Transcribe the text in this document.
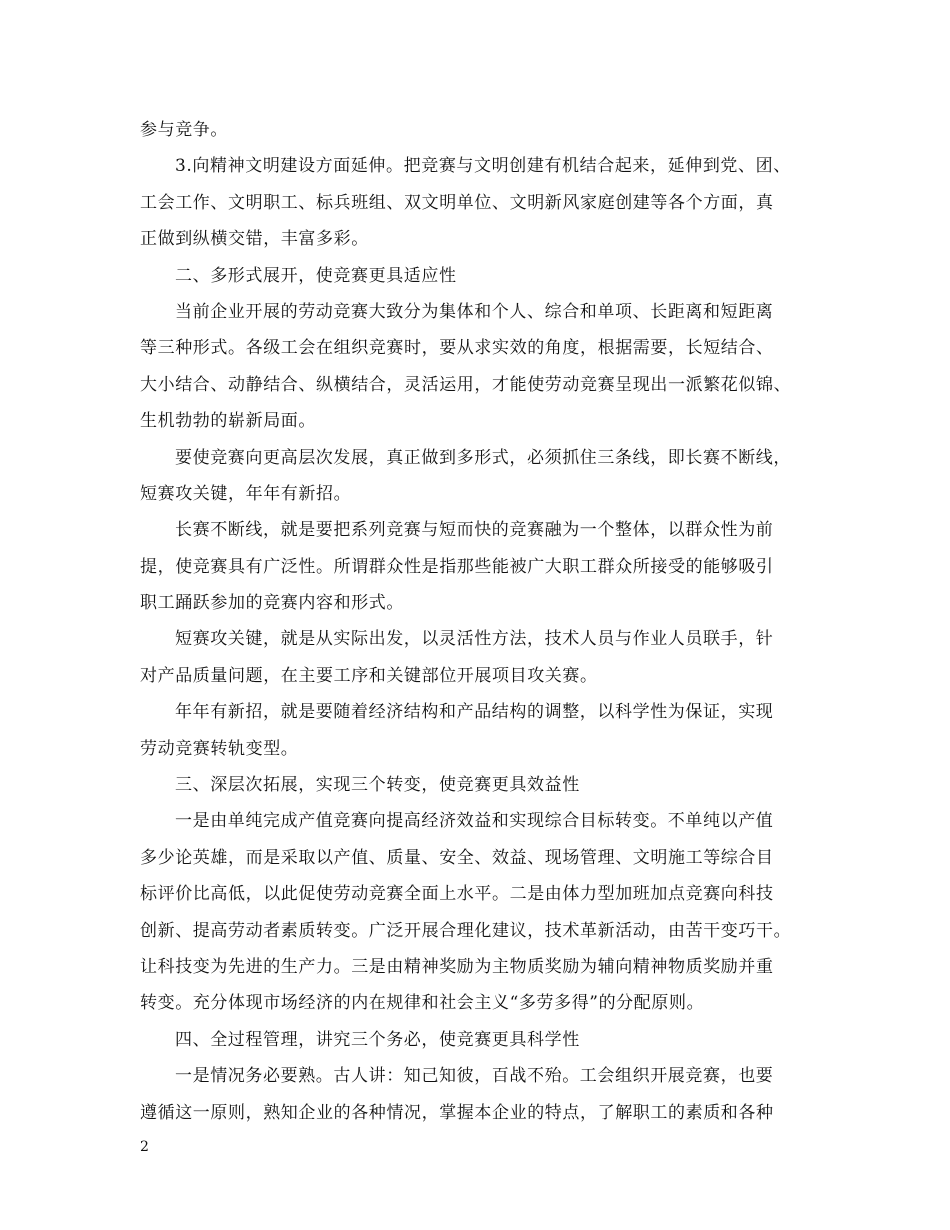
参与竞争。
3.向精神文明建设方面延伸。把竞赛与文明创建有机结合起来，延伸到党、团、
工会工作、文明职工、标兵班组、双文明单位、文明新风家庭创建等各个方面，真
正做到纵横交错，丰富多彩。
二、多形式展开，使竞赛更具适应性
当前企业开展的劳动竞赛大致分为集体和个人、综合和单项、长距离和短距离
等三种形式。各级工会在组织竞赛时，要从求实效的角度，根据需要，长短结合、
大小结合、动静结合、纵横结合，灵活运用，才能使劳动竞赛呈现出一派繁花似锦、
生机勃勃的崭新局面。
要使竞赛向更高层次发展，真正做到多形式，必须抓住三条线，即长赛不断线，
短赛攻关键，年年有新招。
长赛不断线，就是要把系列竞赛与短而快的竞赛融为一个整体，以群众性为前
提，使竞赛具有广泛性。所谓群众性是指那些能被广大职工群众所接受的能够吸引
职工踊跃参加的竞赛内容和形式。
短赛攻关键，就是从实际出发，以灵活性方法，技术人员与作业人员联手，针
对产品质量问题，在主要工序和关键部位开展项目攻关赛。
年年有新招，就是要随着经济结构和产品结构的调整，以科学性为保证，实现
劳动竞赛转轨变型。
三、深层次拓展，实现三个转变，使竞赛更具效益性
一是由单纯完成产值竞赛向提高经济效益和实现综合目标转变。不单纯以产值
多少论英雄，而是采取以产值、质量、安全、效益、现场管理、文明施工等综合目
标评价比高低，以此促使劳动竞赛全面上水平。二是由体力型加班加点竞赛向科技
创新、提高劳动者素质转变。广泛开展合理化建议，技术革新活动，由苦干变巧干。
让科技变为先进的生产力。三是由精神奖励为主物质奖励为辅向精神物质奖励并重
转变。充分体现市场经济的内在规律和社会主义“多劳多得”的分配原则。
四、全过程管理，讲究三个务必，使竞赛更具科学性
一是情况务必要熟。古人讲：知己知彼，百战不殆。工会组织开展竞赛，也要
遵循这一原则，熟知企业的各种情况，掌握本企业的特点，了解职工的素质和各种
2
